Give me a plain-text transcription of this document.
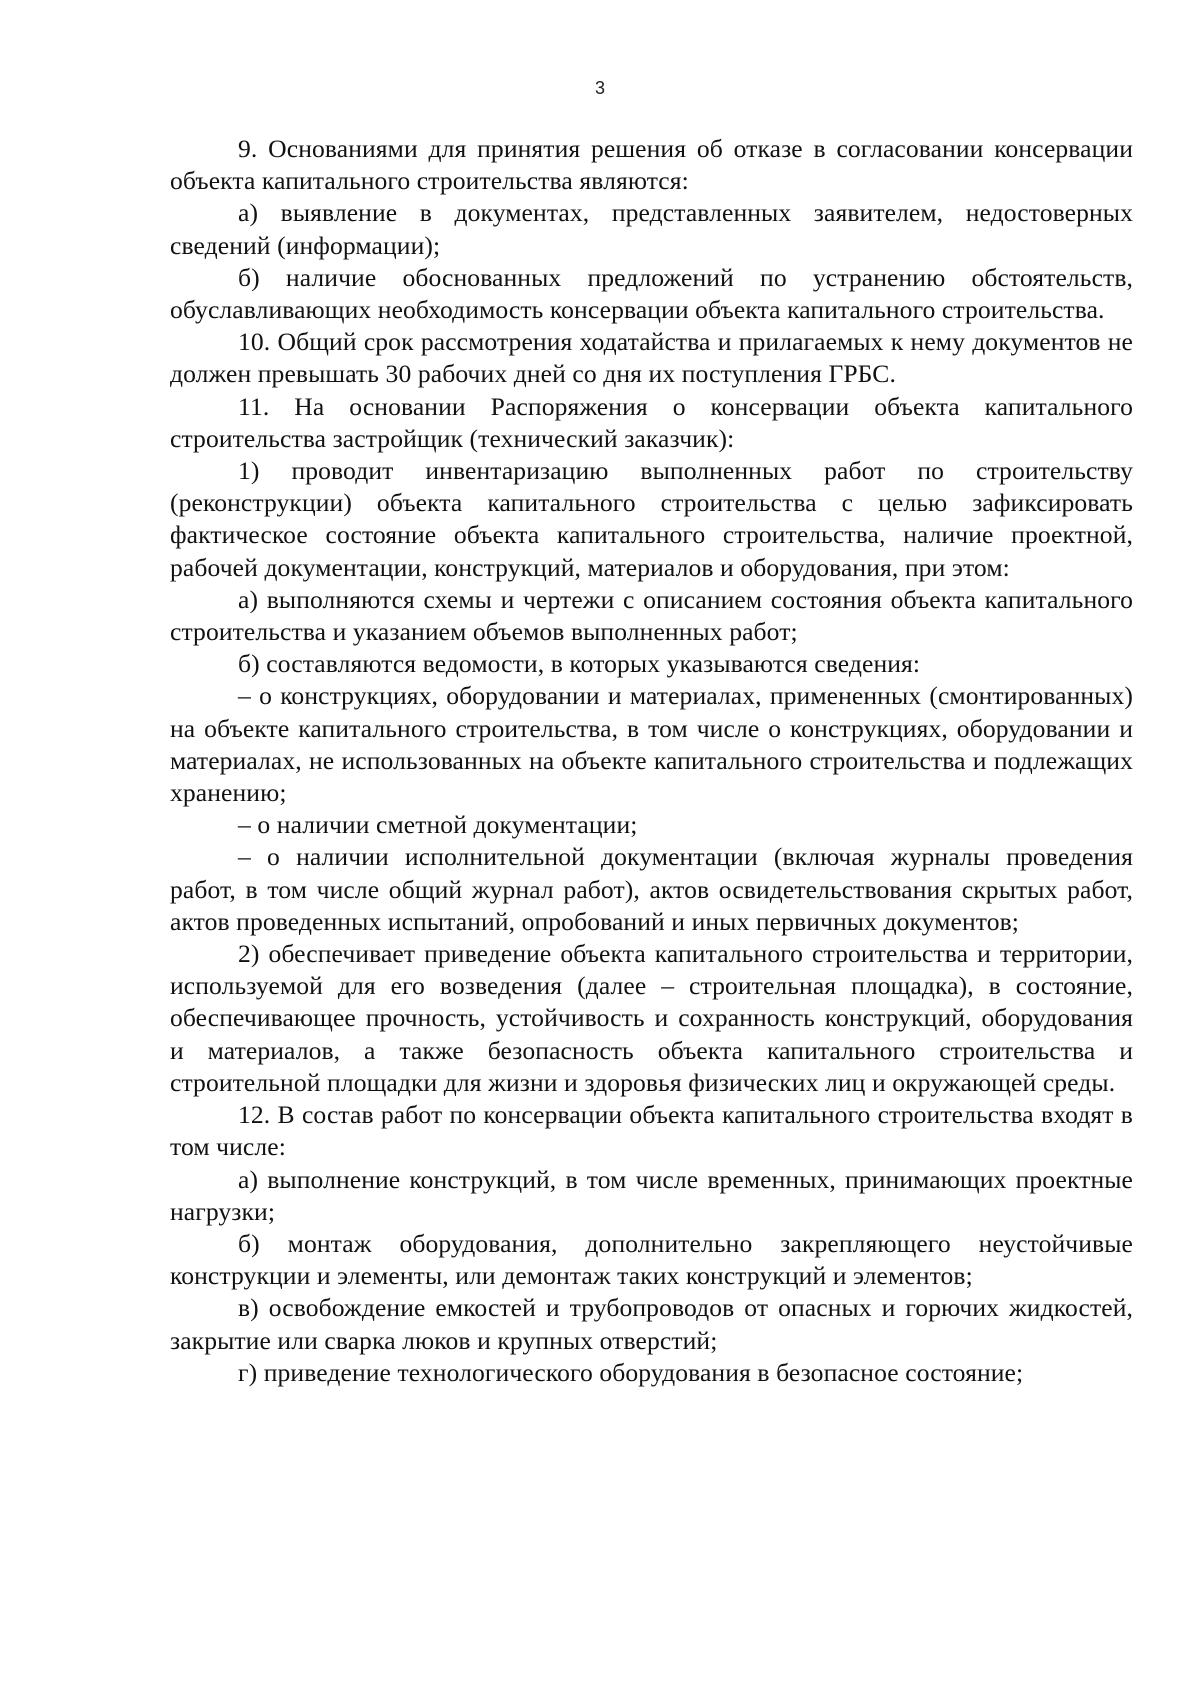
3

9. Основаниями для принятия решения об отказе в согласовании консервации объекта капитального строительства являются:

а) выявление в документах, представленных заявителем, недостоверных сведений (информации);

б) наличие обоснованных предложений по устранению обстоятельств, обуславливающих необходимость консервации объекта капитального строительства.

10. Общий срок рассмотрения ходатайства и прилагаемых к нему документов не должен превышать 30 рабочих дней со дня их поступления ГРБС.

11. На основании Распоряжения о консервации объекта капитального строительства застройщик (технический заказчик):

1) проводит инвентаризацию выполненных работ по строительству (реконструкции) объекта капитального строительства с целью зафиксировать фактическое состояние объекта капитального строительства, наличие проектной, рабочей документации, конструкций, материалов и оборудования, при этом:

а) выполняются схемы и чертежи с описанием состояния объекта капитального строительства и указанием объемов выполненных работ;

б) составляются ведомости, в которых указываются сведения:

– о конструкциях, оборудовании и материалах, примененных (смонтированных) на объекте капитального строительства, в том числе о конструкциях, оборудовании и материалах, не использованных на объекте капитального строительства и подлежащих хранению;

– о наличии сметной документации;

– о наличии исполнительной документации (включая журналы проведения работ, в том числе общий журнал работ), актов освидетельствования скрытых работ, актов проведенных испытаний, опробований и иных первичных документов;

2) обеспечивает приведение объекта капитального строительства и территории, используемой для его возведения (далее – строительная площадка), в состояние, обеспечивающее прочность, устойчивость и сохранность конструкций, оборудования и материалов, а также безопасность объекта капитального строительства и строительной площадки для жизни и здоровья физических лиц и окружающей среды.

12. В состав работ по консервации объекта капитального строительства входят в том числе:

а) выполнение конструкций, в том числе временных, принимающих проектные нагрузки;

б) монтаж оборудования, дополнительно закрепляющего неустойчивые конструкции и элементы, или демонтаж таких конструкций и элементов;

в) освобождение емкостей и трубопроводов от опасных и горючих жидкостей, закрытие или сварка люков и крупных отверстий;

г) приведение технологического оборудования в безопасное состояние;
